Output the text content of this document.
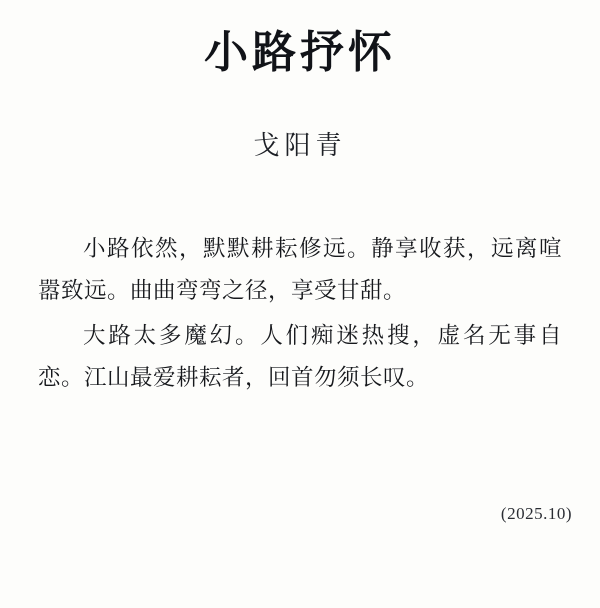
小路抒怀
戈阳青

小路依然，默默耕耘修远。静享收获，远离喧嚣致远。曲曲弯弯之径，享受甘甜。

大路太多魔幻。人们痴迷热搜，虚名无事自恋。江山最爱耕耘者，回首勿须长叹。

(2025.10)
